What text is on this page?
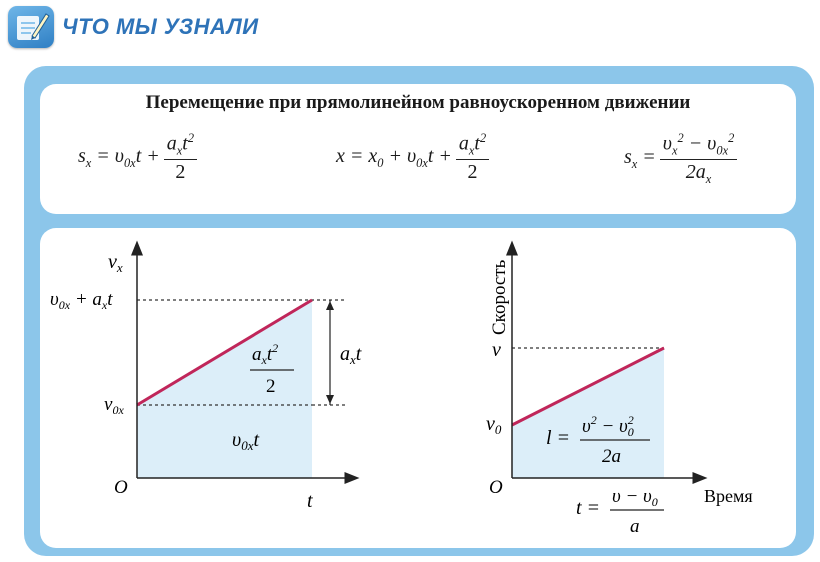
ЧТО МЫ УЗНАЛИ
Перемещение при прямолинейном равноускоренном движении
$s_x = \upsilon_{0x}t + \frac{a_xt^2}{2}$	$x = x_0 + \upsilon_{0x}t + \frac{a_xt^2}{2}$	$s_x = \frac{\upsilon_x^2 - \upsilon_{0x}^2}{2a_x}$
$v_x$
t
O
$v_{0x}$
$\upsilon_{0x} + a_xt$
$a_xt$
$a_xt^2$
2
$\upsilon_{0x}t$
Скорость
Время
O
v
$v_0$ l =
$\upsilon^2 - \upsilon^2$ 0
2a
t =
$\upsilon - \upsilon_0$
a
